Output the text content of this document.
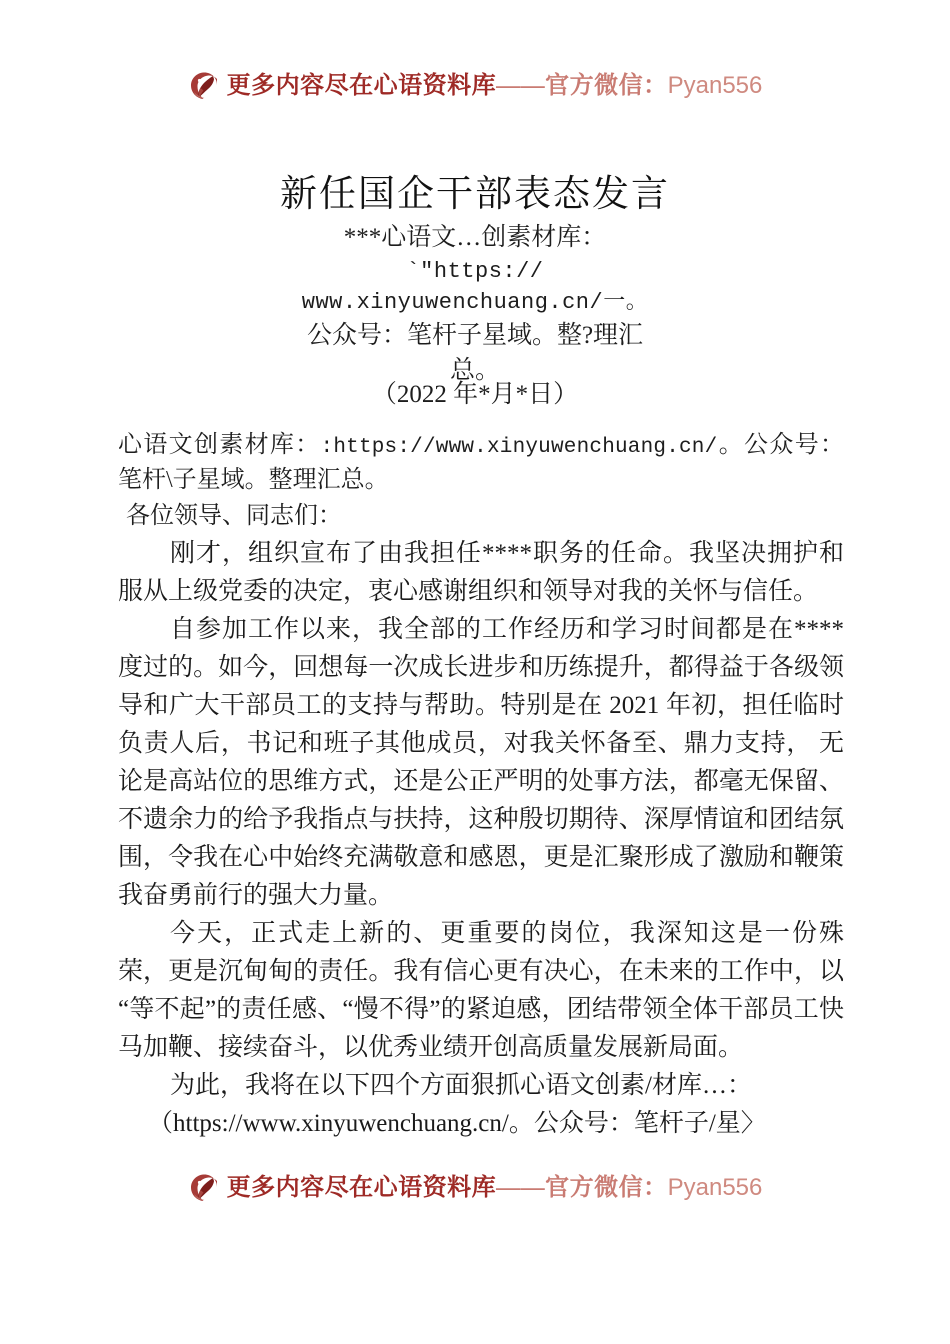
更多内容尽在心语资料库——官方微信：Pyan556
新任国企干部表态发言
***心语文…创素材库：
`"https://
www.xinyuwenchuang.cn/一。
公众号：笔杆子星域。整?理汇
总。
（2022 年*月*日）
心语文创素材库：:https://www.xinyuwenchuang.cn/。公众号：笔杆\子星域。整理汇总。
各位领导、同志们：

刚才，组织宣布了由我担任****职务的任命。我坚决拥护和服从上级党委的决定，衷心感谢组织和领导对我的关怀与信任。

自参加工作以来，我全部的工作经历和学习时间都是在****度过的。如今，回想每一次成长进步和历练提升，都得益于各级领导和广大干部员工的支持与帮助。特别是在 2021 年初，担任临时负责人后，书记和班子其他成员，对我关怀备至、鼎力支持， 无论是高站位的思维方式，还是公正严明的处事方法，都毫无保留、不遗余力的给予我指点与扶持，这种殷切期待、深厚情谊和团结氛围，令我在心中始终充满敬意和感恩，更是汇聚形成了激励和鞭策我奋勇前行的强大力量。

今天，正式走上新的、更重要的岗位，我深知这是一份殊荣，更是沉甸甸的责任。我有信心更有决心，在未来的工作中，以“等不起”的责任感、“慢不得”的紧迫感，团结带领全体干部员工快马加鞭、接续奋斗，以优秀业绩开创高质量发展新局面。

为此，我将在以下四个方面狠抓心语文创素/材库…：
（https://www.xinyuwenchuang.cn/。公众号：笔杆子/星〉
更多内容尽在心语资料库——官方微信：Pyan556
